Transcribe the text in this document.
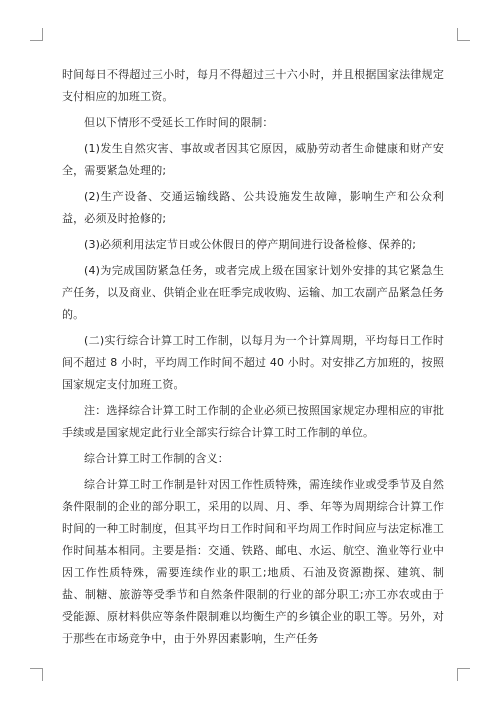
时间每日不得超过三小时，每月不得超过三十六小时，并且根据国家法律规定支付相应的加班工资。

但以下情形不受延长工作时间的限制：

(1)发生自然灾害、事故或者因其它原因，威胁劳动者生命健康和财产安全，需要紧急处理的;

(2)生产设备、交通运输线路、公共设施发生故障，影响生产和公众利益，必须及时抢修的;

(3)必须利用法定节日或公休假日的停产期间进行设备检修、保养的;

(4)为完成国防紧急任务，或者完成上级在国家计划外安排的其它紧急生产任务，以及商业、供销企业在旺季完成收购、运输、加工农副产品紧急任务的。

(二)实行综合计算工时工作制，以每月为一个计算周期，平均每日工作时间不超过 8 小时，平均周工作时间不超过 40 小时。对安排乙方加班的，按照国家规定支付加班工资。

注：选择综合计算工时工作制的企业必须已按照国家规定办理相应的审批手续或是国家规定此行业全部实行综合计算工时工作制的单位。

综合计算工时工作制的含义：

综合计算工时工作制是针对因工作性质特殊，需连续作业或受季节及自然条件限制的企业的部分职工，采用的以周、月、季、年等为周期综合计算工作时间的一种工时制度，但其平均日工作时间和平均周工作时间应与法定标准工作时间基本相同。主要是指：交通、铁路、邮电、水运、航空、渔业等行业中因工作性质特殊，需要连续作业的职工;地质、石油及资源勘探、建筑、制盐、制糖、旅游等受季节和自然条件限制的行业的部分职工;亦工亦农或由于受能源、原材料供应等条件限制难以均衡生产的乡镇企业的职工等。另外，对于那些在市场竞争中，由于外界因素影响，生产任务
